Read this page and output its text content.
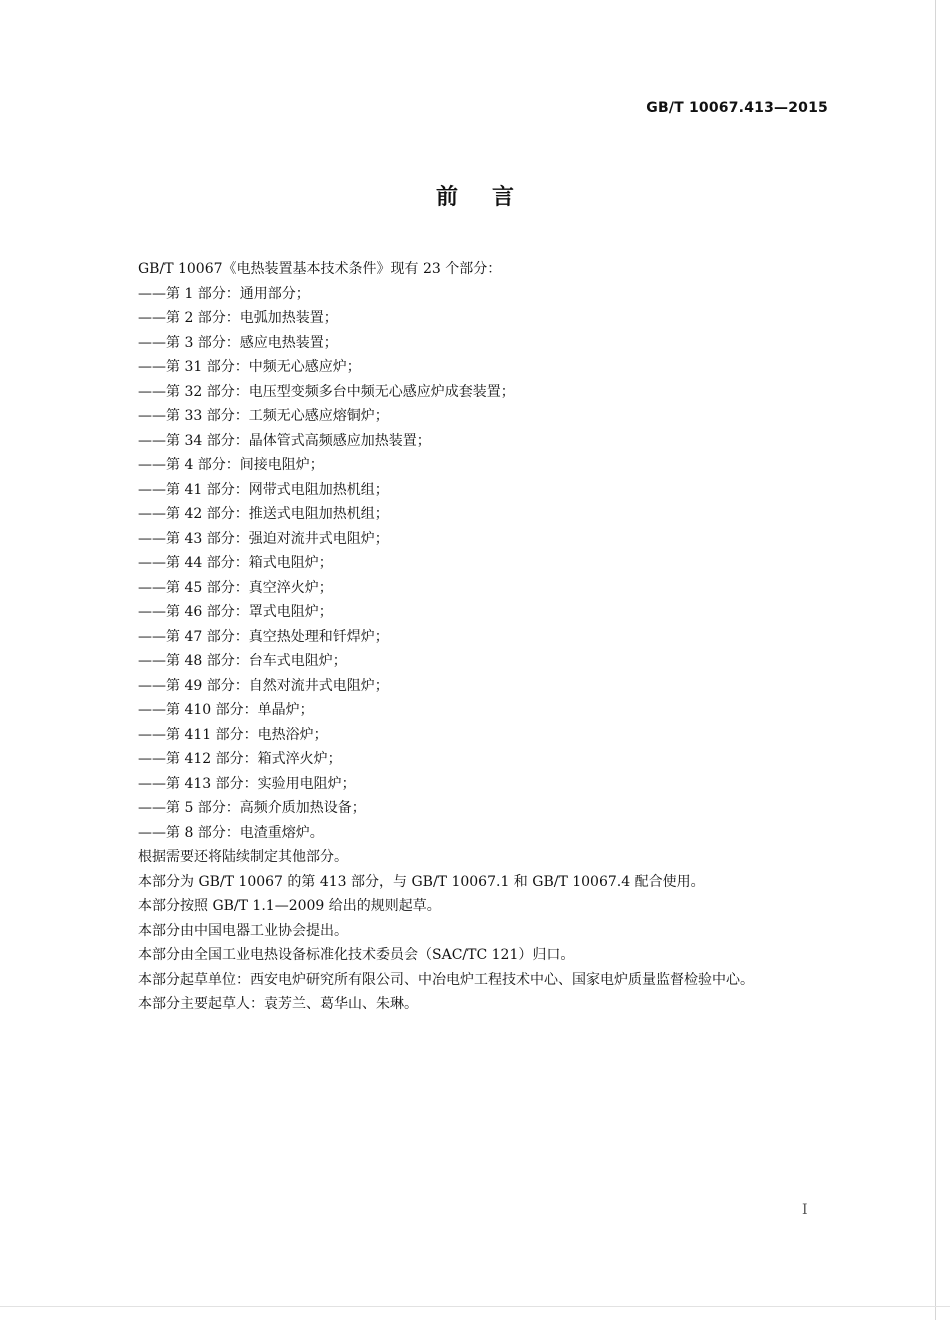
GB/T 10067.413—2015
前言
GB/T 10067《电热装置基本技术条件》现有 23 个部分：
——第 1 部分：通用部分；
——第 2 部分：电弧加热装置；
——第 3 部分：感应电热装置；
——第 31 部分：中频无心感应炉；
——第 32 部分：电压型变频多台中频无心感应炉成套装置；
——第 33 部分：工频无心感应熔铜炉；
——第 34 部分：晶体管式高频感应加热装置；
——第 4 部分：间接电阻炉；
——第 41 部分：网带式电阻加热机组；
——第 42 部分：推送式电阻加热机组；
——第 43 部分：强迫对流井式电阻炉；
——第 44 部分：箱式电阻炉；
——第 45 部分：真空淬火炉；
——第 46 部分：罩式电阻炉；
——第 47 部分：真空热处理和钎焊炉；
——第 48 部分：台车式电阻炉；
——第 49 部分：自然对流井式电阻炉；
——第 410 部分：单晶炉；
——第 411 部分：电热浴炉；
——第 412 部分：箱式淬火炉；
——第 413 部分：实验用电阻炉；
——第 5 部分：高频介质加热设备；
——第 8 部分：电渣重熔炉。
根据需要还将陆续制定其他部分。
本部分为 GB/T 10067 的第 413 部分，与 GB/T 10067.1 和 GB/T 10067.4 配合使用。
本部分按照 GB/T 1.1—2009 给出的规则起草。
本部分由中国电器工业协会提出。
本部分由全国工业电热设备标准化技术委员会（SAC/TC 121）归口。
本部分起草单位：西安电炉研究所有限公司、中冶电炉工程技术中心、国家电炉质量监督检验中心。
本部分主要起草人：袁芳兰、葛华山、朱琳。
I
